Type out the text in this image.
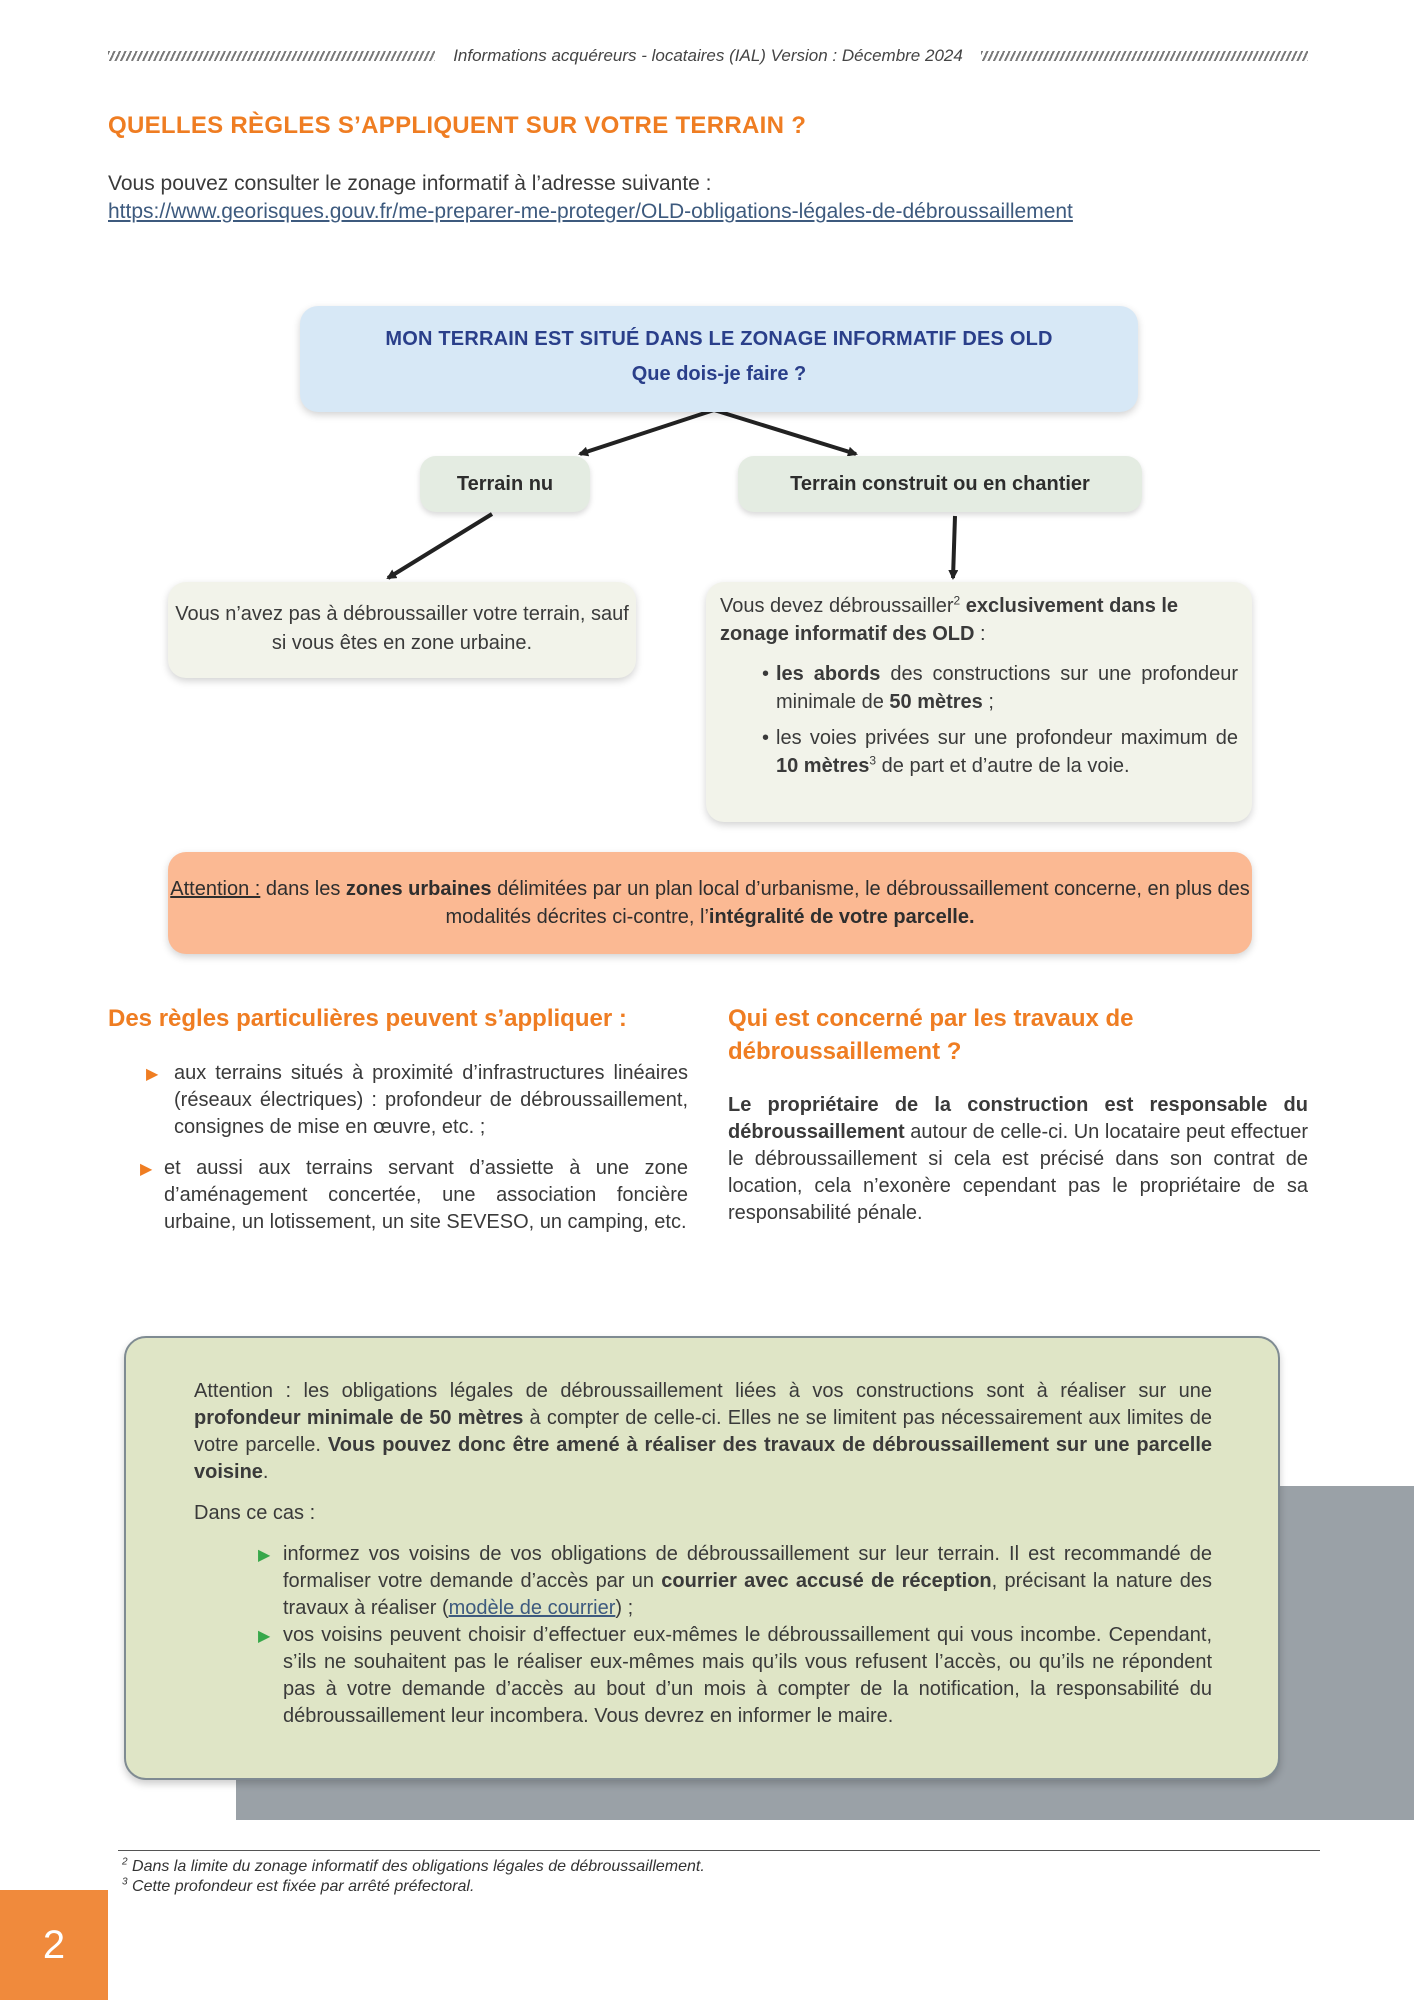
Informations acquéreurs - locataires (IAL) Version : Décembre 2024
QUELLES RÈGLES S’APPLIQUENT SUR VOTRE TERRAIN ?
Vous pouvez consulter le zonage informatif à l’adresse suivante :
https://www.georisques.gouv.fr/me-preparer-me-proteger/OLD-obligations-légales-de-débroussaillement
MON TERRAIN EST SITUÉ DANS LE ZONAGE INFORMATIF DES OLD
Que dois-je faire ?
Terrain nu	Terrain construit ou en chantier
Vous n’avez pas à débroussailler votre terrain, sauf si vous êtes en zone urbaine.
Vous devez débroussailler$^2$ exclusivement dans le zonage informatif des OLD :
• les abords des constructions sur une profondeur minimale de 50 mètres ;
• les voies privées sur une profondeur maximum de 10 mètres$^3$ de part et d’autre de la voie.
Attention : dans les zones urbaines délimitées par un plan local d’urbanisme, le débroussaillement concerne, en plus des modalités décrites ci-contre, l’intégralité de votre parcelle.
Des règles particulières peuvent s’appliquer :
▶ aux terrains situés à proximité d’infrastructures linéaires (réseaux électriques) : profondeur de débroussaillement, consignes de mise en œuvre, etc. ;
▶ et aussi aux terrains servant d’assiette à une zone d’aménagement concertée, une association foncière urbaine, un lotissement, un site SEVESO, un camping, etc.
Qui est concerné par les travaux de débroussaillement ?
Le propriétaire de la construction est responsable du débroussaillement autour de celle-ci. Un locataire peut effectuer le débroussaillement si cela est précisé dans son contrat de location, cela n’exonère cependant pas le propriétaire de sa responsabilité pénale.
Attention : les obligations légales de débroussaillement liées à vos constructions sont à réaliser sur une profondeur minimale de 50 mètres à compter de celle-ci. Elles ne se limitent pas nécessairement aux limites de votre parcelle. Vous pouvez donc être amené à réaliser des travaux de débroussaillement sur une parcelle voisine.
Dans ce cas :
▶ informez vos voisins de vos obligations de débroussaillement sur leur terrain. Il est recommandé de formaliser votre demande d’accès par un courrier avec accusé de réception, précisant la nature des travaux à réaliser (modèle de courrier) ;
▶ vos voisins peuvent choisir d’effectuer eux-mêmes le débroussaillement qui vous incombe. Cependant, s’ils ne souhaitent pas le réaliser eux-mêmes mais qu’ils vous refusent l’accès, ou qu’ils ne répondent pas à votre demande d’accès au bout d’un mois à compter de la notification, la responsabilité du débroussaillement leur incombera. Vous devrez en informer le maire.
$^2$ Dans la limite du zonage informatif des obligations légales de débroussaillement.
$^3$ Cette profondeur est fixée par arrêté préfectoral.
2
